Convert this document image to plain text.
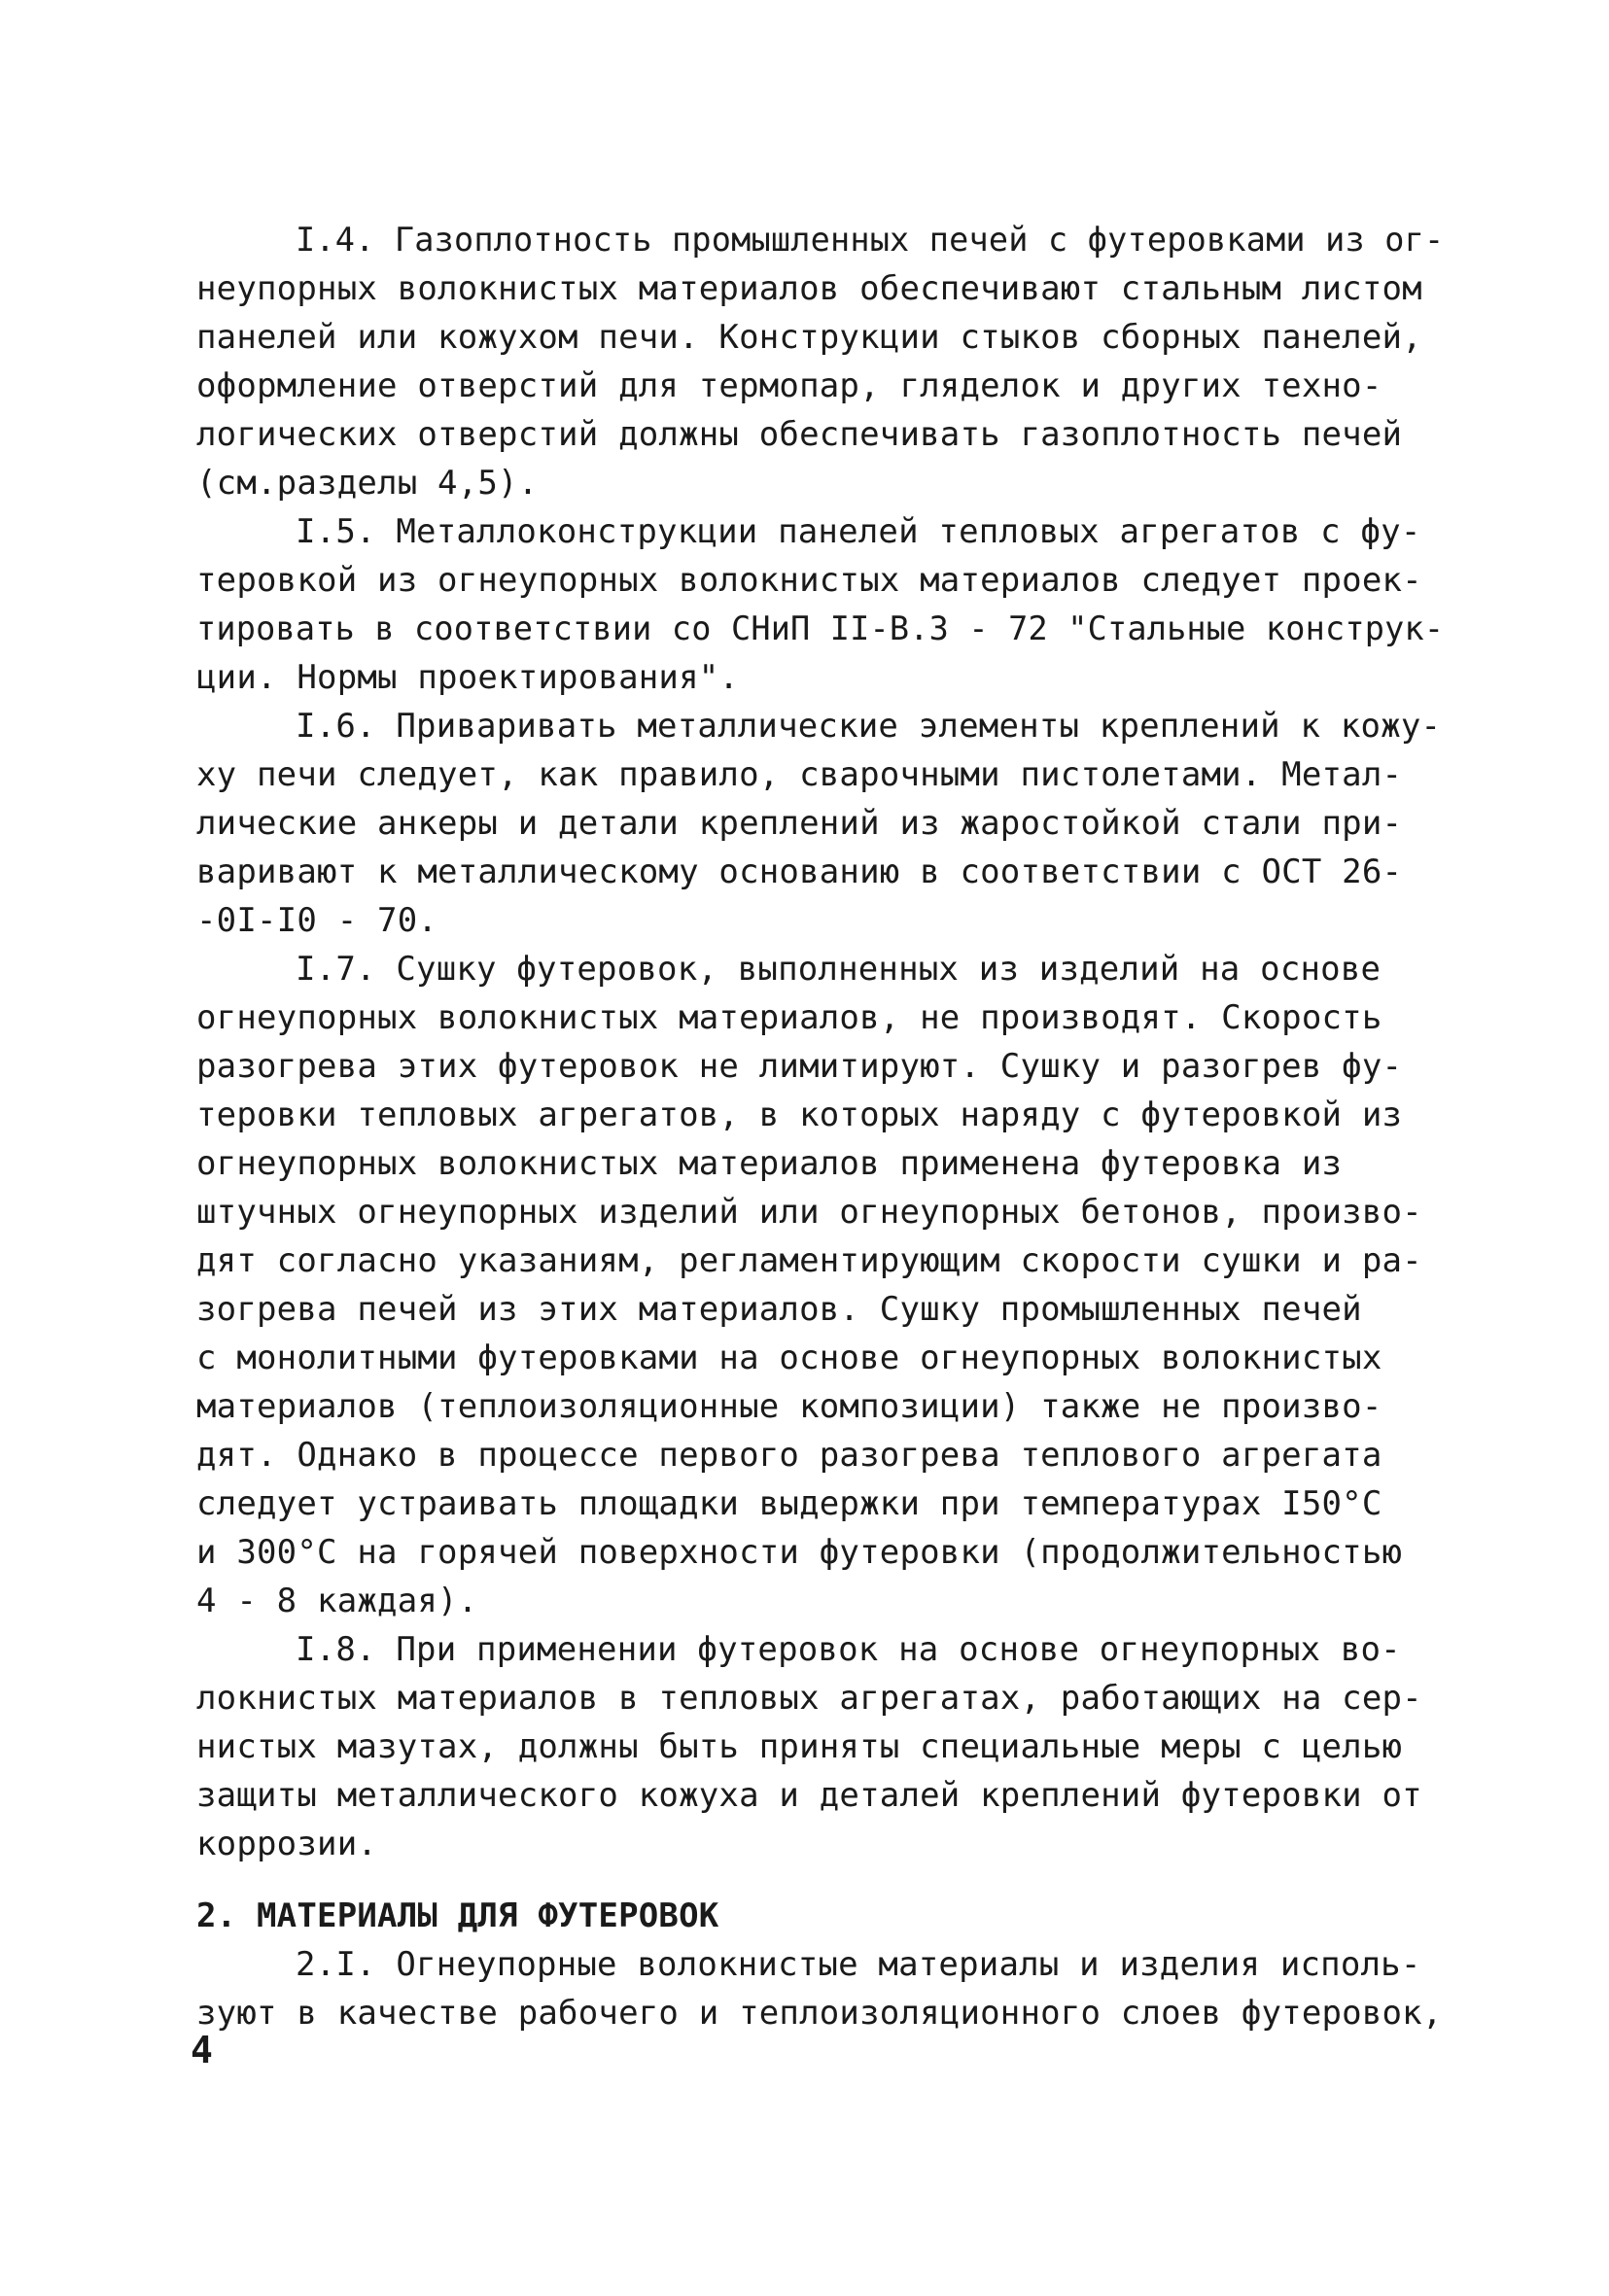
I.4. Газоплотность промышленных печей с футеровками из ог-
неупорных волокнистых материалов обеспечивают стальным листом
панелей или кожухом печи. Конструкции стыков сборных панелей,
оформление отверстий для термопар, гляделок и других техно-
логических отверстий должны обеспечивать газоплотность печей
(см.разделы 4,5).
I.5. Металлоконструкции панелей тепловых агрегатов с фу-
теровкой из огнеупорных волокнистых материалов следует проек-
тировать в соответствии со СНиП II-В.3 - 72 "Стальные конструк-
ции. Нормы проектирования".
I.6. Приваривать металлические элементы креплений к кожу-
ху печи следует, как правило, сварочными пистолетами. Метал-
лические анкеры и детали креплений из жаростойкой стали при-
варивают к металлическому основанию в соответствии с ОСТ 26-
-0I-I0 - 70.
I.7. Сушку футеровок, выполненных из изделий на основе
огнеупорных волокнистых материалов, не производят. Скорость
разогрева этих футеровок не лимитируют. Сушку и разогрев фу-
теровки тепловых агрегатов, в которых наряду с футеровкой из
огнеупорных волокнистых материалов применена футеровка из
штучных огнеупорных изделий или огнеупорных бетонов, произво-
дят согласно указаниям, регламентирующим скорости сушки и ра-
зогрева печей из этих материалов. Сушку промышленных печей
с монолитными футеровками на основе огнеупорных волокнистых
материалов (теплоизоляционные композиции) также не произво-
дят. Однако в процессе первого разогрева теплового агрегата
следует устраивать площадки выдержки при температурах I50°С
и 300°С на горячей поверхности футеровки (продолжительностью
4 - 8 каждая).
I.8. При применении футеровок на основе огнеупорных во-
локнистых материалов в тепловых агрегатах, работающих на сер-
нистых мазутах, должны быть приняты специальные меры с целью
защиты металлического кожуха и деталей креплений футеровки от
коррозии.
2. МАТЕРИАЛЫ ДЛЯ ФУТЕРОВОК
2.I. Огнеупорные волокнистые материалы и изделия исполь-
зуют в качестве рабочего и теплоизоляционного слоев футеровок,
4
